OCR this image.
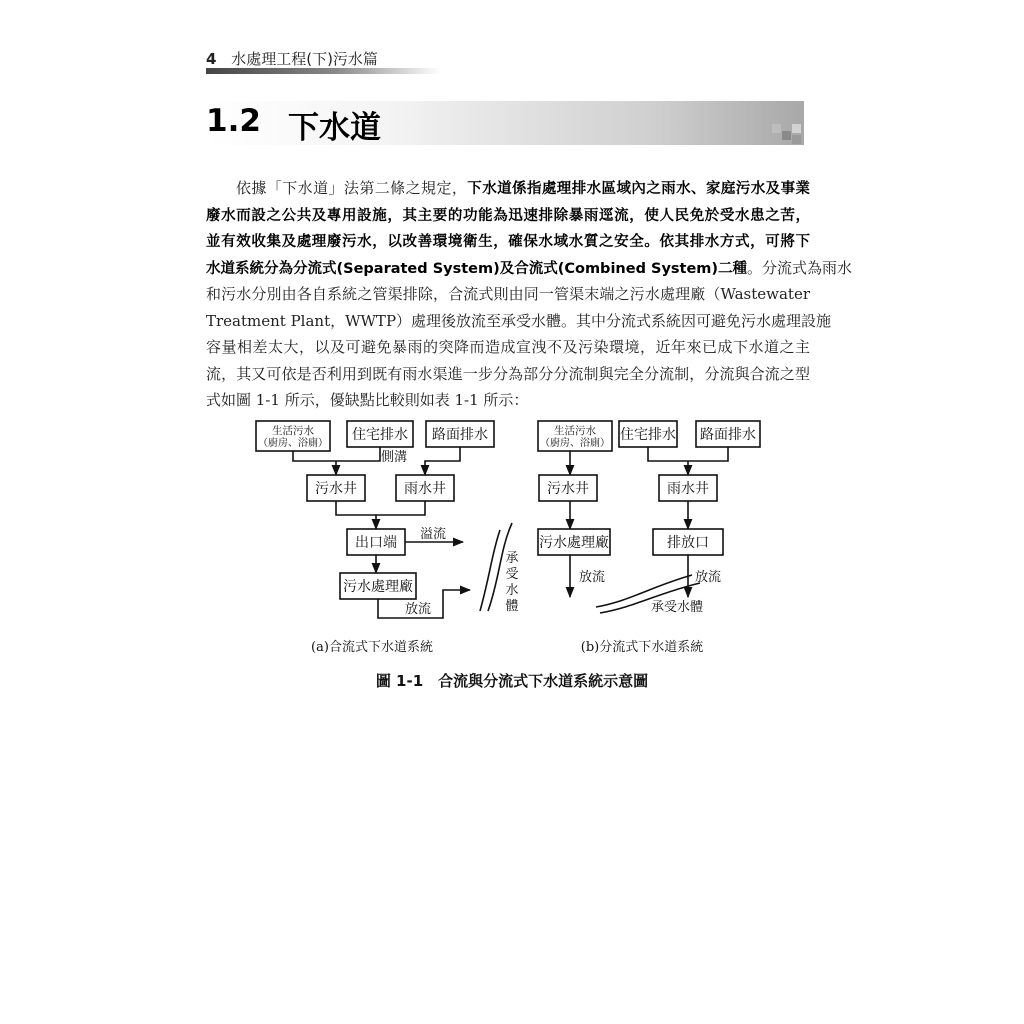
4 水處理工程(下)污水篇
1.2 下水道
依據「下水道」法第二條之規定，下水道係指處理排水區域內之雨水、家庭污水及事業
廢水而設之公共及專用設施，其主要的功能為迅速排除暴雨逕流，使人民免於受水患之苦，
並有效收集及處理廢污水，以改善環境衛生，確保水域水質之安全。依其排水方式，可將下
水道系統分為分流式(Separated System)及合流式(Combined System)二種。分流式為雨水
和污水分別由各自系統之管渠排除，合流式則由同一管渠末端之污水處理廠（Wastewater
Treatment Plant，WWTP）處理後放流至承受水體。其中分流式系統因可避免污水處理設施
容量相差太大，以及可避免暴雨的突降而造成宣洩不及污染環境，近年來已成下水道之主
流，其又可依是否利用到既有雨水渠進一步分為部分分流制與完全分流制，分流與合流之型
式如圖 1-1 所示，優缺點比較則如表 1-1 所示：
生活污水
（廚房、浴廁）
住宅排水 路面排水
側溝
污水井	雨水井
出口端
溢流
污水處理廠
放流
承
受
水
體
(a)合流式下水道系統
生活污水
（廚房、浴廁）
住宅排水 路面排水
污水井	雨水井
污水處理廠	排放口
放流	放流
承受水體
(b)分流式下水道系統
圖 1-1　合流與分流式下水道系統示意圖
